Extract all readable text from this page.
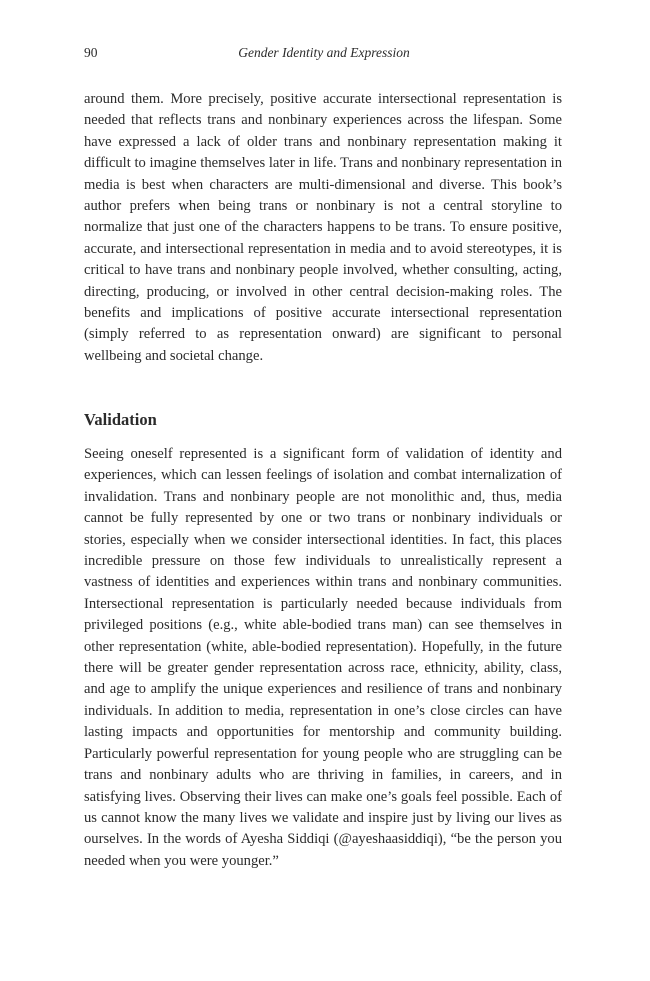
90	Gender Identity and Expression

around them. More precisely, positive accurate intersectional representation is needed that reflects trans and nonbinary experiences across the lifespan. Some have expressed a lack of older trans and nonbinary representation making it difficult to imagine themselves later in life. Trans and nonbinary representation in media is best when characters are multi-dimensional and diverse. This book’s author prefers when being trans or nonbinary is not a central storyline to normalize that just one of the characters happens to be trans. To ensure positive, accurate, and intersectional representation in media and to avoid stereotypes, it is critical to have trans and nonbinary people involved, whether consulting, acting, directing, producing, or involved in other central decision-making roles. The benefits and implications of positive accurate intersectional representation (simply referred to as representation onward) are significant to personal wellbeing and societal change.

Validation

Seeing oneself represented is a significant form of validation of identity and experiences, which can lessen feelings of isolation and combat internalization of invalidation. Trans and nonbinary people are not monolithic and, thus, media cannot be fully represented by one or two trans or nonbinary individuals or stories, especially when we consider intersectional identities. In fact, this places incredible pressure on those few individuals to unrealistically represent a vastness of identities and experiences within trans and nonbinary communities. Intersectional representation is particularly needed because individuals from privileged positions (e.g., white able-bodied trans man) can see themselves in other representation (white, able-bodied representation). Hopefully, in the future there will be greater gender representation across race, ethnicity, ability, class, and age to amplify the unique experiences and resilience of trans and nonbinary individuals. In addition to media, representation in one’s close circles can have lasting impacts and opportunities for mentorship and community building. Particularly powerful representation for young people who are struggling can be trans and nonbinary adults who are thriving in families, in careers, and in satisfying lives. Observing their lives can make one’s goals feel possible. Each of us cannot know the many lives we validate and inspire just by living our lives as ourselves. In the words of Ayesha Siddiqi (@ayeshaasiddiqi), “be the person you needed when you were younger.”
